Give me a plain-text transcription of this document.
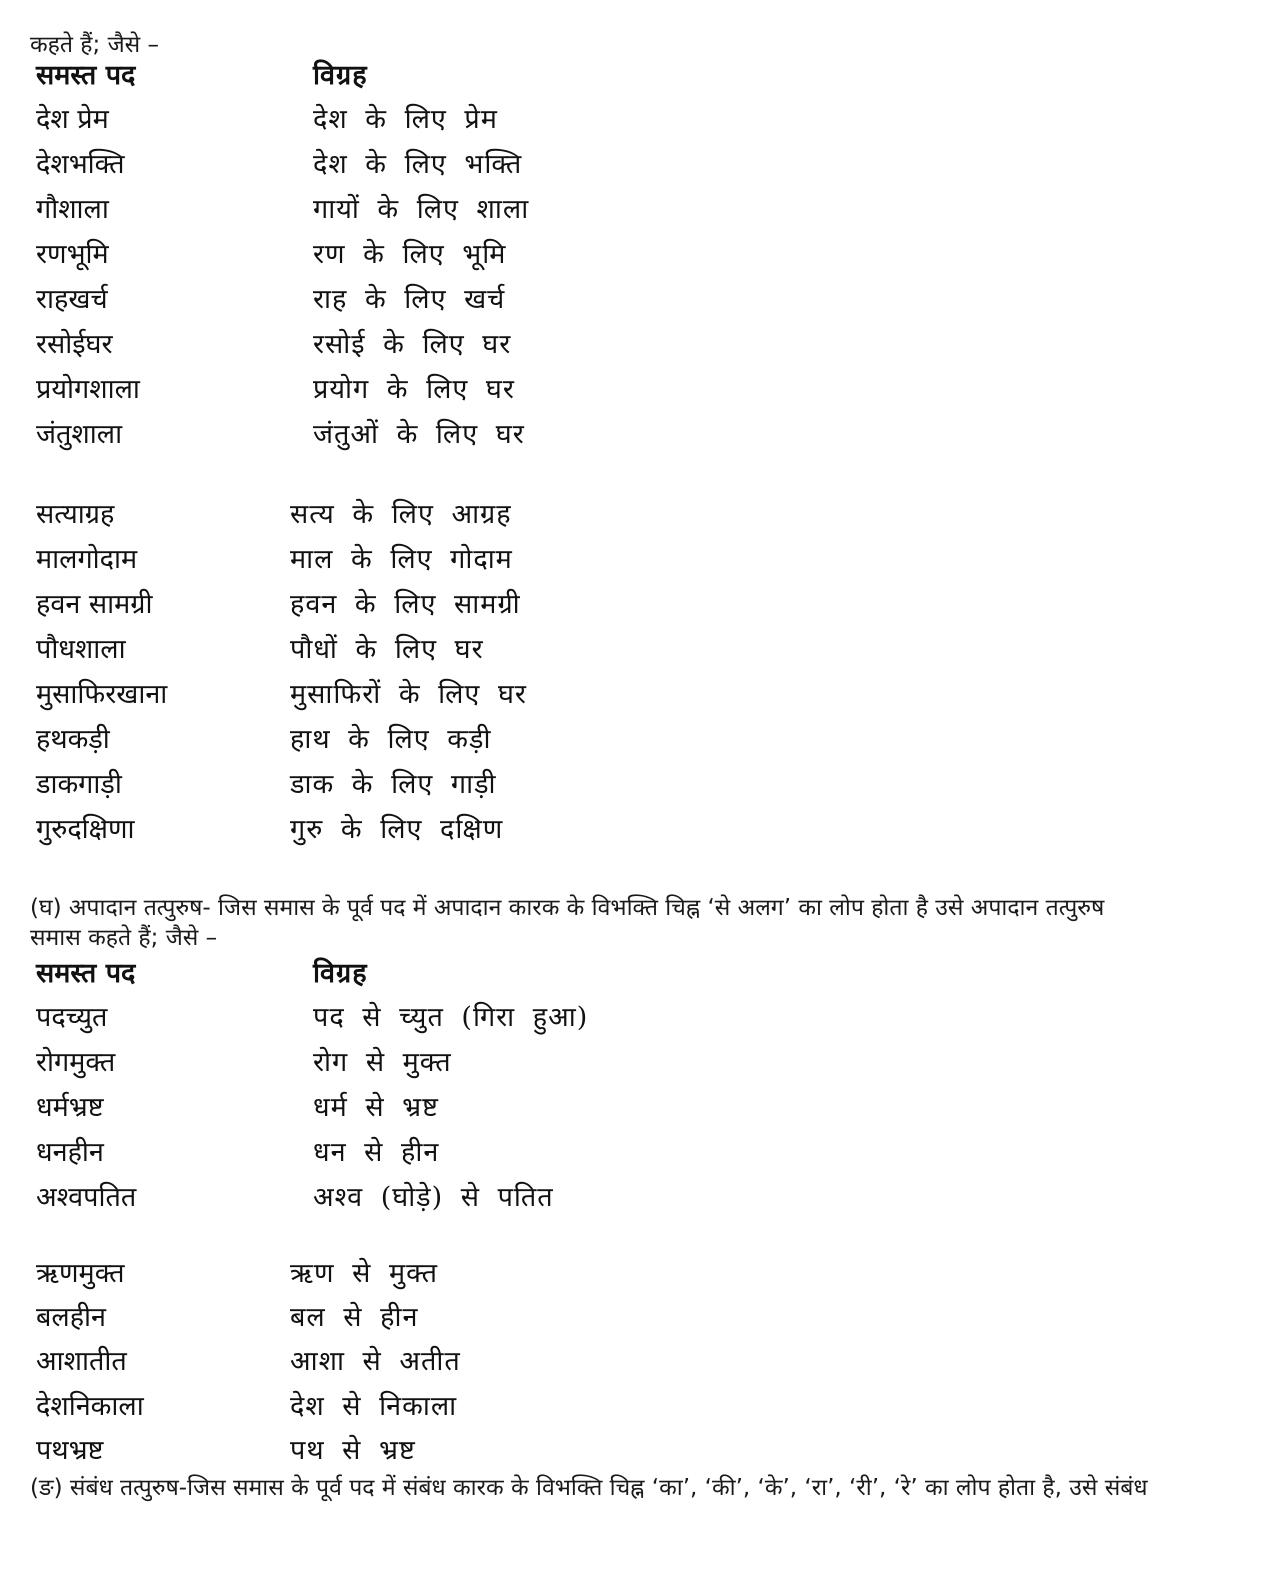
कहते हैं; जैसे –
समस्त पद	विग्रह
देश प्रेम	देश के लिए प्रेम
देशभक्ति	देश के लिए भक्ति
गौशाला	गायों के लिए शाला
रणभूमि	रण के लिए भूमि
राहखर्च	राह के लिए खर्च
रसोईघर	रसोई के लिए घर
प्रयोगशाला	प्रयोग के लिए घर
जंतुशाला	जंतुओं के लिए घर
सत्याग्रह	सत्य के लिए आग्रह
मालगोदाम	माल के लिए गोदाम
हवन सामग्री	हवन के लिए सामग्री
पौधशाला	पौधों के लिए घर
मुसाफिरखाना	मुसाफिरों के लिए घर
हथकड़ी	हाथ के लिए कड़ी
डाकगाड़ी	डाक के लिए गाड़ी
गुरुदक्षिणा	गुरु के लिए दक्षिण
(घ) अपादान तत्पुरुष- जिस समास के पूर्व पद में अपादान कारक के विभक्ति चिह्न ‘से अलग’ का लोप होता है उसे अपादान तत्पुरुष
समास कहते हैं; जैसे –
समस्त पद	विग्रह
पदच्युत	पद से च्युत (गिरा हुआ)
रोगमुक्त	रोग से मुक्त
धर्मभ्रष्ट	धर्म से भ्रष्ट
धनहीन	धन से हीन
अश्वपतित	अश्व (घोड़े) से पतित
ऋणमुक्त	ऋण से मुक्त
बलहीन	बल से हीन
आशातीत	आशा से अतीत
देशनिकाला	देश से निकाला
पथभ्रष्ट	पथ से भ्रष्ट
(ङ) संबंध तत्पुरुष-जिस समास के पूर्व पद में संबंध कारक के विभक्ति चिह्न ‘का’, ‘की’, ‘के’, ‘रा’, ‘री’, ‘रे’ का लोप होता है, उसे संबंध
